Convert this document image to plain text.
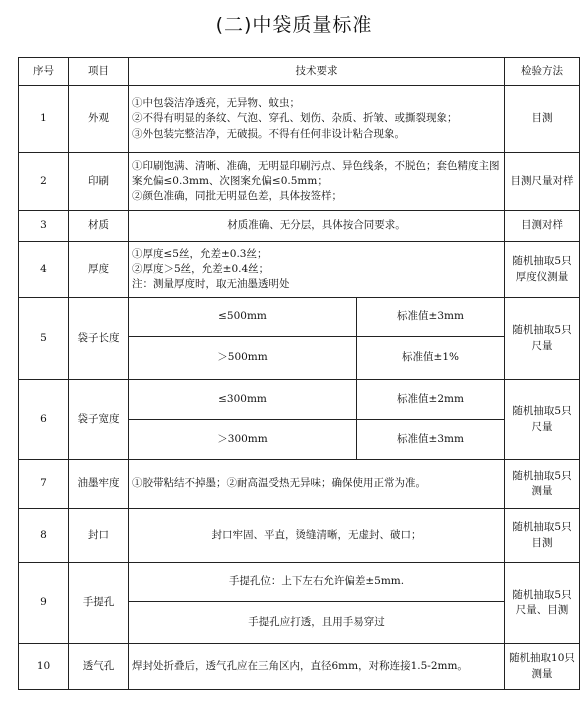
(二)中袋质量标准
序号	项目	技术要求		检验方法
1	外观	①中包袋洁净透亮，无异物、蚊虫；
②不得有明显的条纹、气泡、穿孔、划伤、杂质、折皱、或撕裂现象；
③外包装完整洁净，无破损。不得有任何非设计粘合现象。		目测
2	印刷	①印刷饱满、清晰、准确，无明显印刷污点、异色线条，不脱色；套色精度主图案允偏≤0.3mm、次图案允偏≤0.5mm；
②颜色准确，同批无明显色差，具体按签样；		目测尺量对样
3	材质	材质准确、无分层，具体按合同要求。		目测对样
4	厚度	①厚度≤5丝，允差±0.3丝；
②厚度＞5丝，允差±0.4丝；
注：测量厚度时，取无油墨透明处		随机抽取5只厚度仪测量
5	袋子长度	≤500mm	标准值±3mm	随机抽取5只尺量
		＞500mm	标准值±1%	
6	袋子宽度	≤300mm	标准值±2mm	随机抽取5只尺量
		＞300mm	标准值±3mm	
7	油墨牢度	①胶带粘结不掉墨；②耐高温受热无异味；确保使用正常为准。		随机抽取5只测量
8	封口	封口牢固、平直，烫缝清晰，无虚封、破口；		随机抽取5只目测
9	手提孔	手提孔位：上下左右允许偏差±5mm.		随机抽取5只尺量、目测
		手提孔应打透，且用手易穿过		
10	透气孔	焊封处折叠后，透气孔应在三角区内，直径6mm，对称连接1.5-2mm。		随机抽取10只测量
